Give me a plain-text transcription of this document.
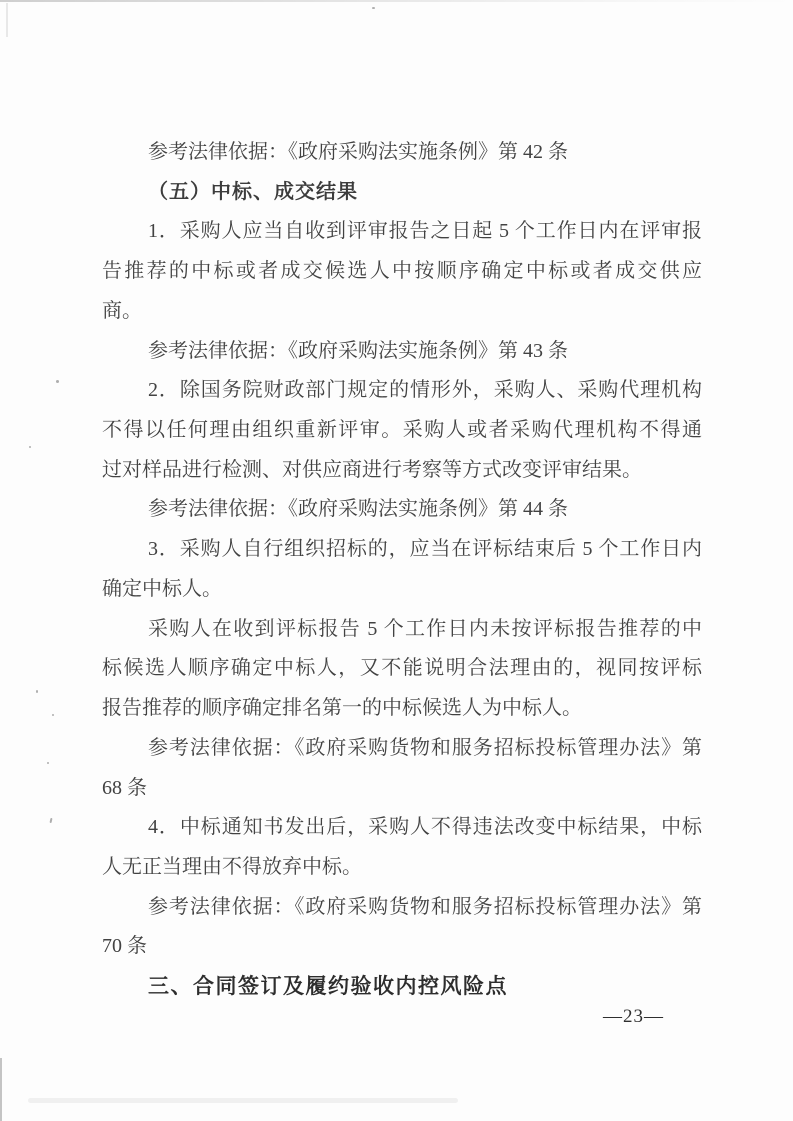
参考法律依据：《政府采购法实施条例》第 42 条
（五）中标、成交结果
1．采购人应当自收到评审报告之日起 5 个工作日内在评审报
告推荐的中标或者成交候选人中按顺序确定中标或者成交供应
商。
参考法律依据：《政府采购法实施条例》第 43 条
2．除国务院财政部门规定的情形外，采购人、采购代理机构
不得以任何理由组织重新评审。采购人或者采购代理机构不得通
过对样品进行检测、对供应商进行考察等方式改变评审结果。
参考法律依据：《政府采购法实施条例》第 44 条
3．采购人自行组织招标的，应当在评标结束后 5 个工作日内
确定中标人。
采购人在收到评标报告 5 个工作日内未按评标报告推荐的中
标候选人顺序确定中标人，又不能说明合法理由的，视同按评标
报告推荐的顺序确定排名第一的中标候选人为中标人。
参考法律依据：《政府采购货物和服务招标投标管理办法》第
68 条
4．中标通知书发出后，采购人不得违法改变中标结果，中标
人无正当理由不得放弃中标。
参考法律依据：《政府采购货物和服务招标投标管理办法》第
70 条
三、合同签订及履约验收内控风险点
—23—
